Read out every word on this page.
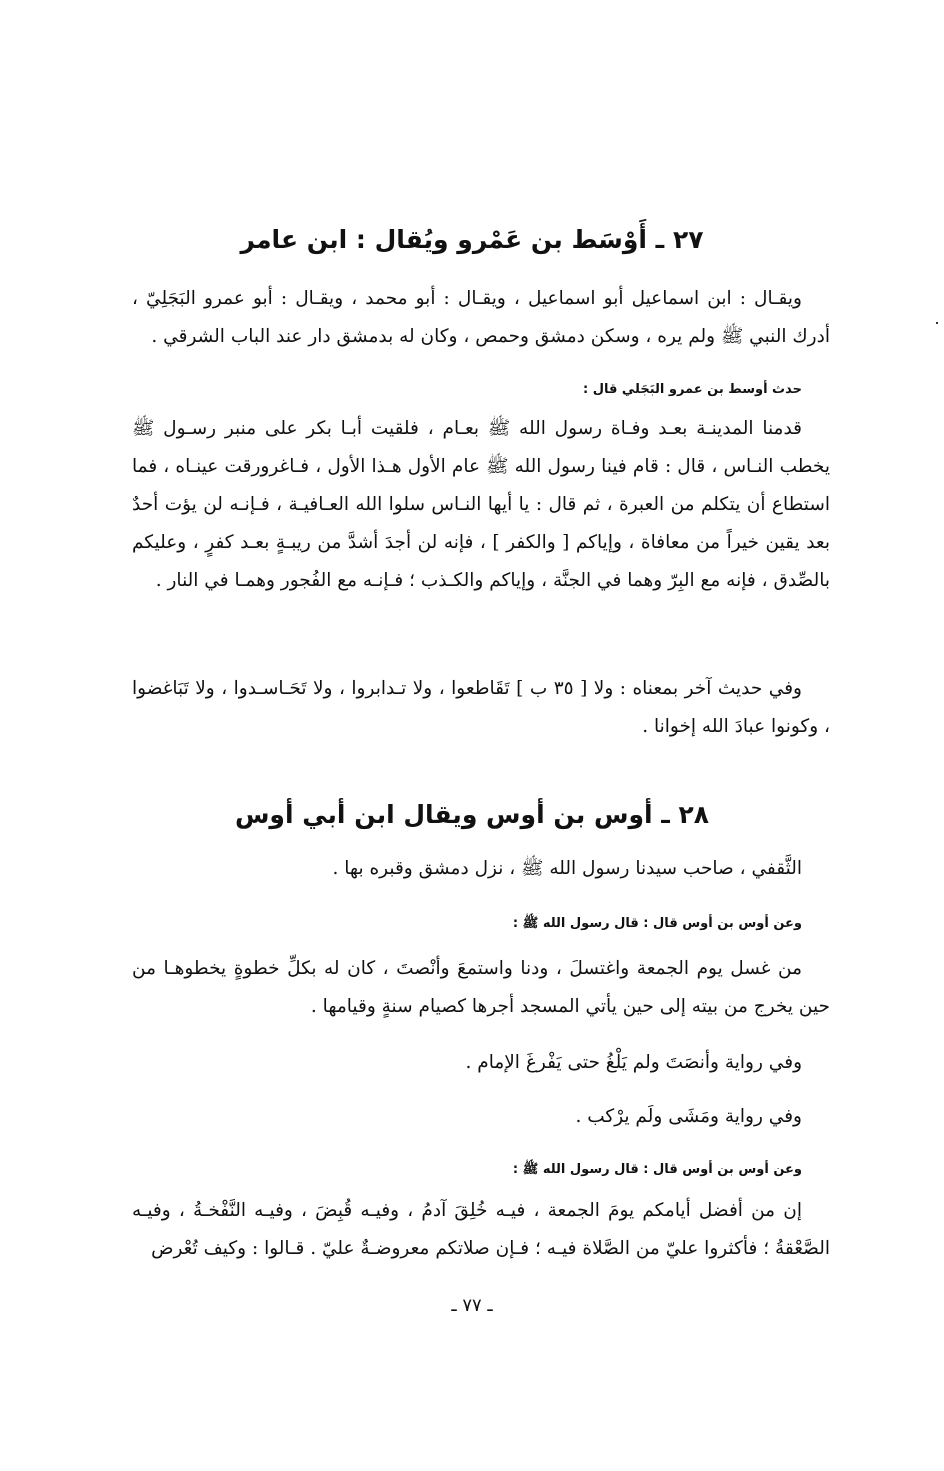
٢٧ ـ أَوْسَط بن عَمْرو ويُقال : ابن عامر

ويقـال : ابن اسماعيل أبو اسماعيل ، ويقـال : أبو محمد ، ويقـال : أبو عمرو البَجَلِيّ ، أدرك النبي ﷺ ولم يره ، وسكن دمشق وحمص ، وكان له بدمشق دار عند الباب الشرقي .

حدث أوسط بن عمرو البَجَلي قال :

قدمنا المدينـة بعـد وفـاة رسول الله ﷺ بعـام ، فلقيت أبـا بكر على منبر رسـول ﷺ يخطب النـاس ، قال : قام فينا رسول الله ﷺ عام الأول هـذا الأول ، فـاغرورقت عينـاه ، فما استطاع أن يتكلم من العبرة ، ثم قال : يا أيها النـاس سلوا الله العـافيـة ، فـإنـه لن يؤت أحدٌ بعد يقين خيراً من معافاة ، وإياكم [ والكفر ] ، فإنه لن أجدَ أشدَّ من ريبـةٍ بعـد كفرٍ ، وعليكم بالصِّدق ، فإنه مع البِرّ وهما في الجنَّة ، وإياكم والكـذب ؛ فـإنـه مع الفُجور وهمـا في النار .

وفي حديث آخر بمعناه : ولا [ ٣٥ ب ] تَقَاطعوا ، ولا تـدابروا ، ولا تَحَـاسـدوا ، ولا تَبَاغضوا ، وكونوا عبادَ الله إخوانا .

٢٨ ـ أوس بن أوس ويقال ابن أبي أوس

الثَّقفي ، صاحب سيدنا رسول الله ﷺ ، نزل دمشق وقبره بها .

وعن أوس بن أوس قال : قال رسول الله ﷺ :

من غسل يوم الجمعة واغتسلَ ، ودنا واستمعَ وأنْصتَ ، كان له بكلِّ خطوةٍ يخطوهـا من حين يخرج من بيته إلى حين يأتي المسجد أجرها كصيام سنةٍ وقيامها .

وفي رواية وأنصَتَ ولم يَلْغُ حتى يَفْرغَ الإمام .

وفي رواية ومَشَى ولَم يرْكب .

وعن أوس بن أوس قال : قال رسول الله ﷺ :

إن من أفضل أيامكم يومَ الجمعة ، فيـه خُلِقَ آدمُ ، وفيـه قُبِضَ ، وفيـه النَّفْخـةُ ، وفيـه الصَّعْقةُ ؛ فأكثروا عليّ من الصَّلاة فيـه ؛ فـإن صلاتكم معروضـةٌ عليّ . قـالوا : وكيف تُعْرض

ـ ٧٧ ـ
